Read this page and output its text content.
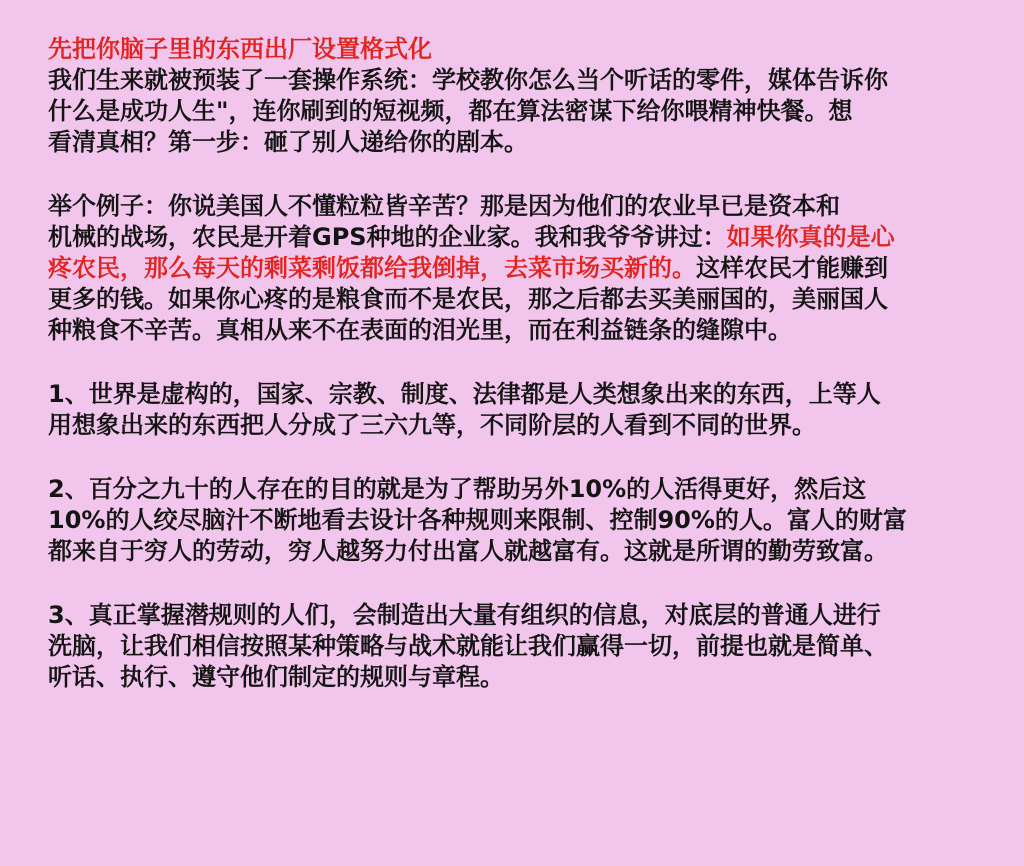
先把你脑子里的东西出厂设置格式化
我们生来就被预装了一套操作系统：学校教你怎么当个听话的零件，媒体告诉你
什么是成功人生"，连你刷到的短视频，都在算法密谋下给你喂精神快餐。想
看清真相？第一步：砸了别人递给你的剧本。
举个例子：你说美国人不懂粒粒皆辛苦？那是因为他们的农业早已是资本和
机械的战场，农民是开着GPS种地的企业家。我和我爷爷讲过：如果你真的是心
疼农民，那么每天的剩菜剩饭都给我倒掉，去菜市场买新的。这样农民才能赚到
更多的钱。如果你心疼的是粮食而不是农民，那之后都去买美丽国的，美丽国人
种粮食不辛苦。真相从来不在表面的泪光里，而在利益链条的缝隙中。
1、世界是虚构的，国家、宗教、制度、法律都是人类想象出来的东西，上等人
用想象出来的东西把人分成了三六九等，不同阶层的人看到不同的世界。
2、百分之九十的人存在的目的就是为了帮助另外10%的人活得更好，然后这
10%的人绞尽脑汁不断地看去设计各种规则来限制、控制90%的人。富人的财富
都来自于穷人的劳动，穷人越努力付出富人就越富有。这就是所谓的勤劳致富。
3、真正掌握潜规则的人们，会制造出大量有组织的信息，对底层的普通人进行
洗脑，让我们相信按照某种策略与战术就能让我们赢得一切，前提也就是简单、
听话、执行、遵守他们制定的规则与章程。
